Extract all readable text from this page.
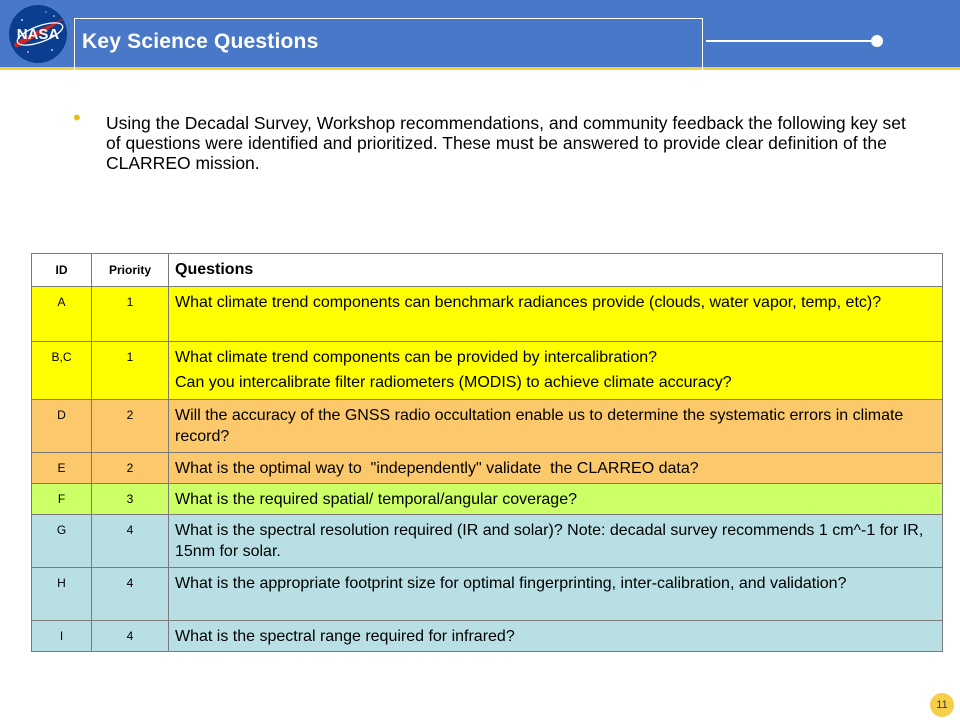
NASA Key Science Questions
• Using the Decadal Survey, Workshop recommendations, and community feedback the following key set of questions were identified and prioritized. These must be answered to provide clear definition of the CLARREO mission.
ID	Priority	Questions
A	1	What climate trend components can benchmark radiances provide (clouds, water vapor, temp, etc)?
B,C	1	What climate trend components can be provided by intercalibration?
Can you intercalibrate filter radiometers (MODIS) to achieve climate accuracy?

D	2	Will the accuracy of the GNSS radio occultation enable us to determine the systematic errors in climate record?
E	2	What is the optimal way to  "independently" validate  the CLARREO data?
F	3	What is the required spatial/ temporal/angular coverage?
G	4	What is the spectral resolution required (IR and solar)? Note: decadal survey recommends 1 cm^-1 for IR, 15nm for solar.
H	4	What is the appropriate footprint size for optimal fingerprinting, inter-calibration, and validation?
I	4	What is the spectral range required for infrared?
11
